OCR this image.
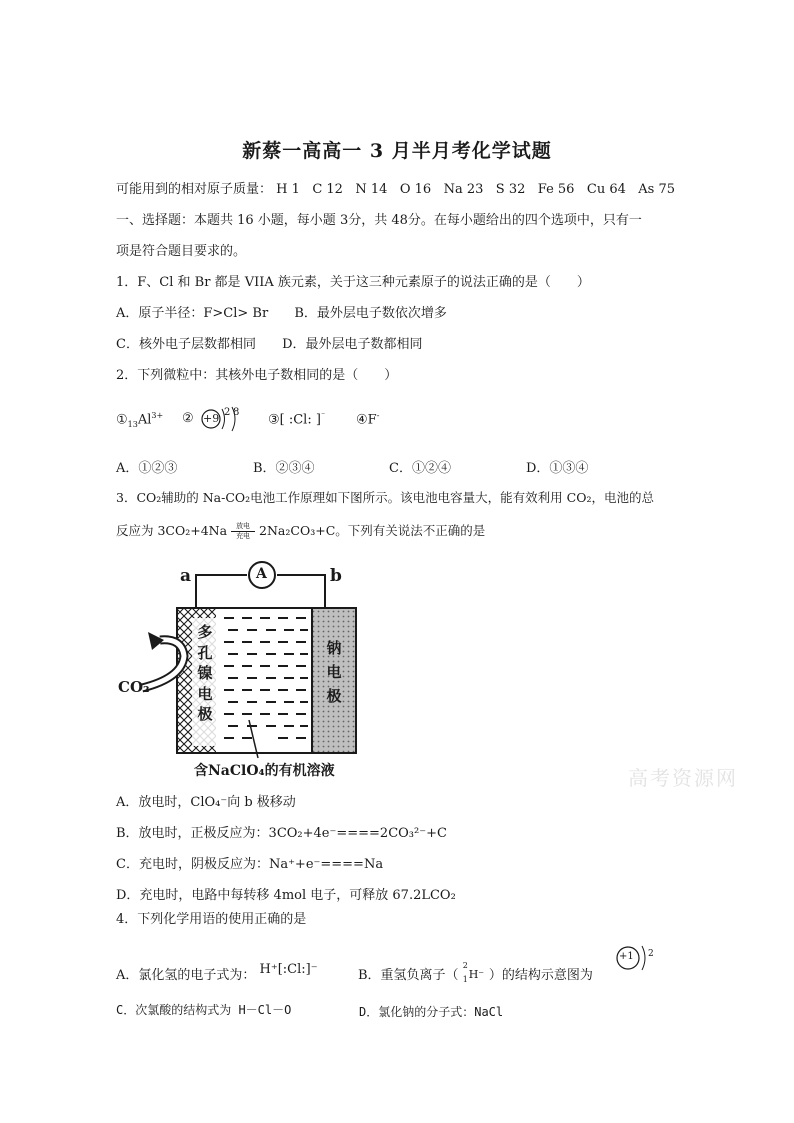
新蔡一高高一 3 月半月考化学试题
可能用到的相对原子质量： H 1 C 12 N 14 O 16 Na 23 S 32 Fe 56 Cu 64 As 75
一、选择题：本题共 16 小题，每小题 3分，共 48分。在每小题给出的四个选项中，只有一
项是符合题目要求的。
1．F、Cl 和 Br 都是 VIIA 族元素，关于这三种元素原子的说法正确的是（　　）
A．原子半径：F>Cl> Br B．最外层电子数依次增多
C．核外电子层数都相同 D．最外层电子数都相同
2．下列微粒中：其核外电子数相同的是（　　）
$①_{13}Al^{3+}$ ② +9 2 8 ③[ :Cl: ]⁻ ④F-
A．①②③	B．②③④	C．①②④	D．①③④
3．CO₂辅助的 Na-CO₂电池工作原理如下图所示。该电池电容量大，能有效利用 CO₂，电池的总
反应为 3CO₂+4Na 放电

充电 2Na₂CO₃+C。下列有关说法不正确的是
a	b
A
多
孔
镍
电
极
钠
电
极
CO₂
含NaClO₄的有机溶液	高考资源网
A．放电时，ClO₄⁻向 b 极移动
B．放电时，正极反应为：3CO₂+4e⁻====2CO₃²⁻+C
C．充电时，阴极反应为：Na⁺+e⁻====Na
D．充电时，电路中每转移 4mol 电子，可释放 67.2LCO₂
4．下列化学用语的使用正确的是
A．氯化氢的电子式为： H⁺[:Cl:]⁻	B．重氢负离子（
2
1 H⁻ ）的结构示意图为
+1 2
C．次氯酸的结构式为 H－Cl－O	D．氯化钠的分子式：NaCl
